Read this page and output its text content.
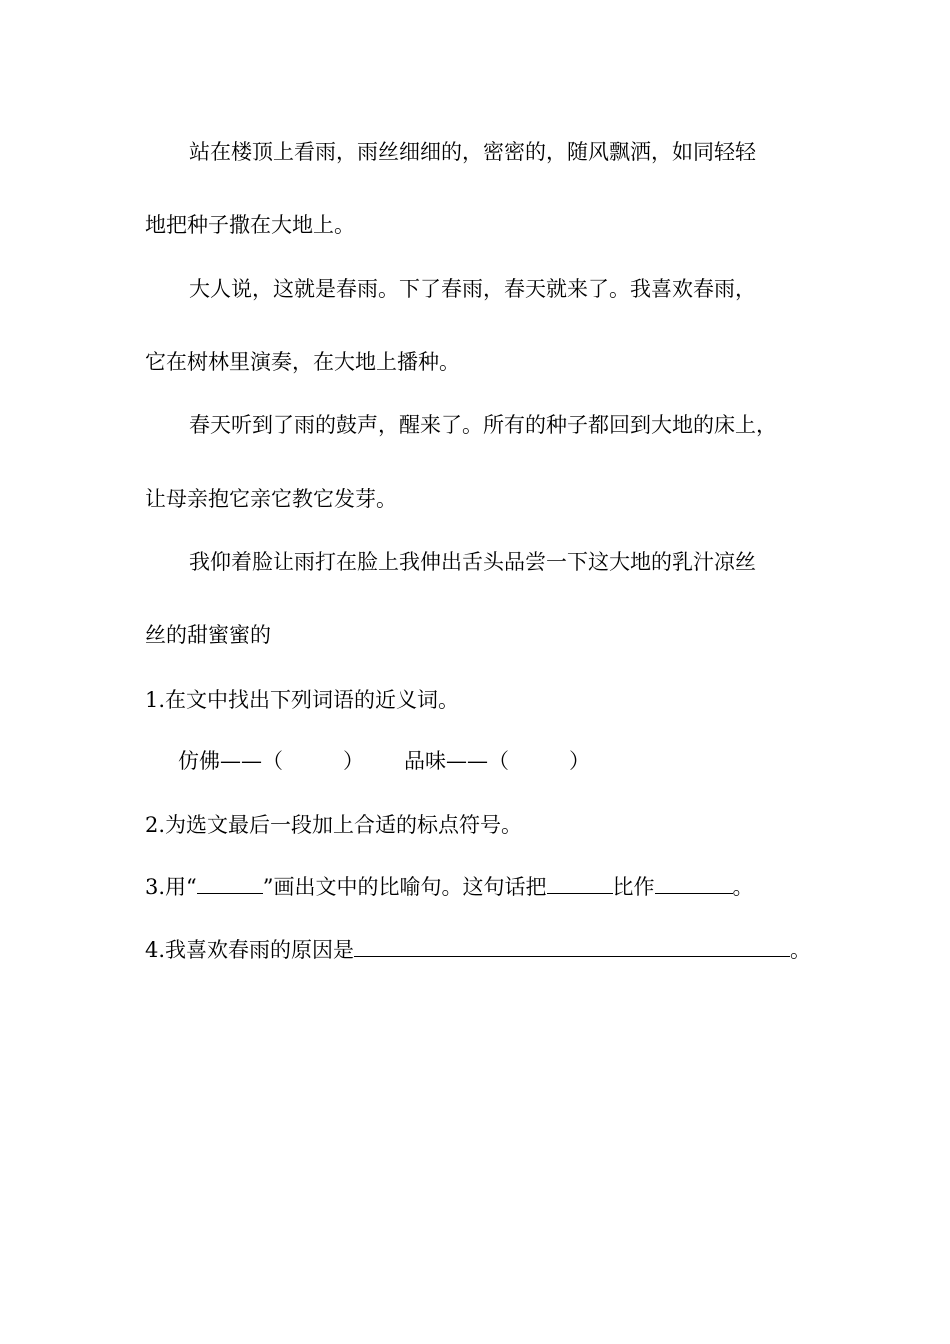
站在楼顶上看雨，雨丝细细的，密密的，随风飘洒，如同轻轻
地把种子撒在大地上。
大人说，这就是春雨。下了春雨，春天就来了。我喜欢春雨，
它在树林里演奏，在大地上播种。
春天听到了雨的鼓声，醒来了。所有的种子都回到大地的床上，
让母亲抱它亲它教它发芽。
我仰着脸让雨打在脸上我伸出舌头品尝一下这大地的乳汁凉丝
丝的甜蜜蜜的
1.在文中找出下列词语的近义词。
仿佛——（	） 品味——（	）
2.为选文最后一段加上合适的标点符号。
3.用“	”画出文中的比喻句。这句话把	比作	。
4.我喜欢春雨的原因是	。
